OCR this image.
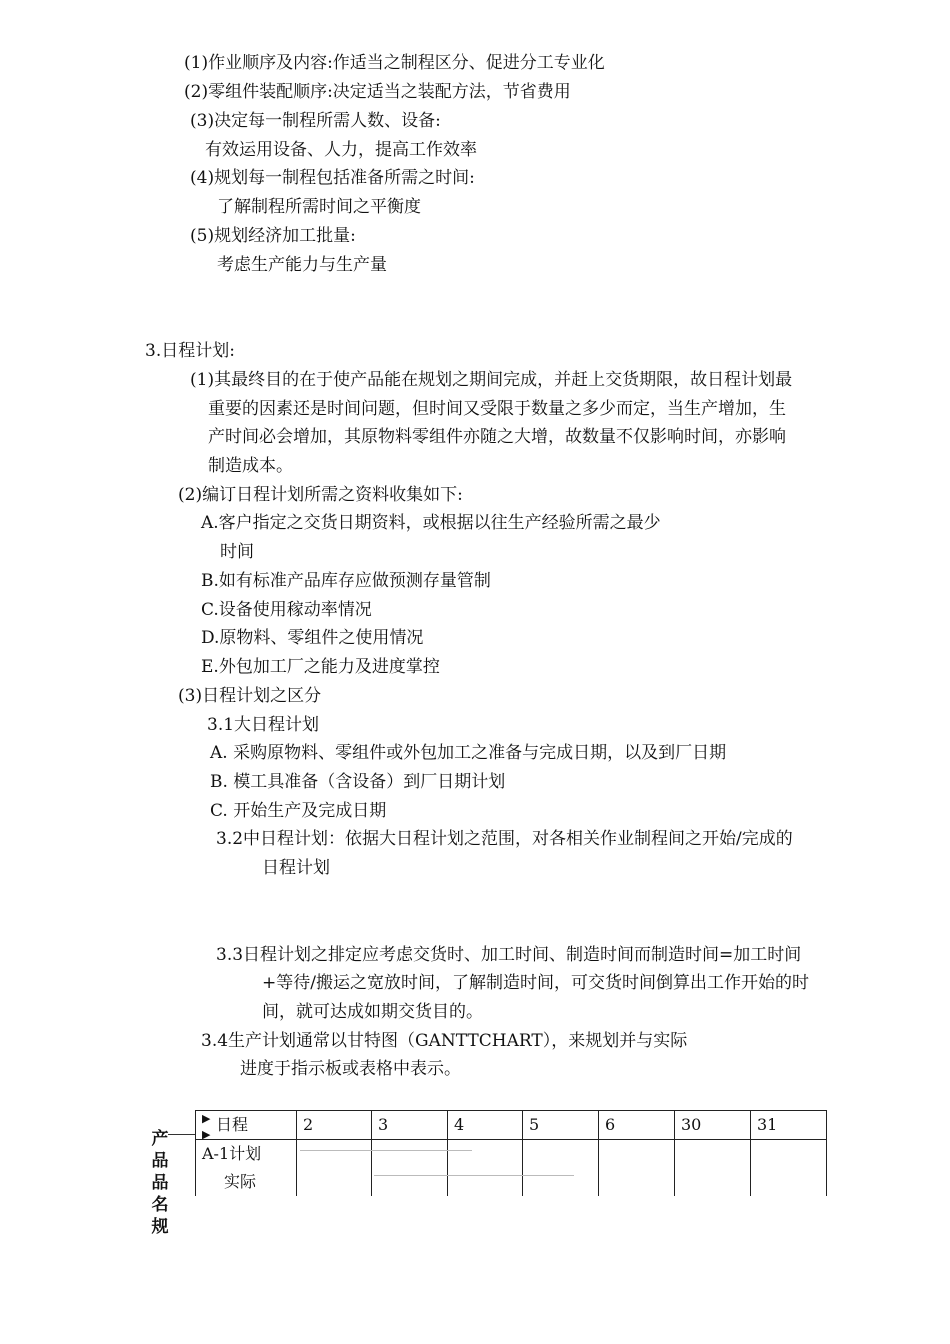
(1)作业顺序及内容:作适当之制程区分、促进分工专业化
(2)零组件装配顺序:决定适当之装配方法，节省费用
(3)决定每一制程所需人数、设备:
有效运用设备、人力，提高工作效率
(4)规划每一制程包括准备所需之时间:
了解制程所需时间之平衡度
(5)规划经济加工批量:
考虑生产能力与生产量
3.日程计划:
(1)其最终目的在于使产品能在规划之期间完成，并赶上交货期限，故日程计划最
重要的因素还是时间问题，但时间又受限于数量之多少而定，当生产增加，生
产时间必会增加，其原物料零组件亦随之大增，故数量不仅影响时间，亦影响
制造成本。
(2)编订日程计划所需之资料收集如下:
A.客户指定之交货日期资料，或根据以往生产经验所需之最少
时间
B.如有标准产品库存应做预测存量管制
C.设备使用稼动率情况
D.原物料、零组件之使用情况
E.外包加工厂之能力及进度掌控
(3)日程计划之区分
3.1大日程计划
A. 采购原物料、零组件或外包加工之准备与完成日期，以及到厂日期
B. 模工具准备（含设备）到厂日期计划
C. 开始生产及完成日期
3.2中日程计划：依据大日程计划之范围，对各相关作业制程间之开始/完成的
日程计划
3.3日程计划之排定应考虑交货时、加工时间、制造时间而制造时间=加工时间
+等待/搬运之宽放时间，了解制造时间，可交货时间倒算出工作开始的时
间，就可达成如期交货目的。
3.4生产计划通常以甘特图（GANTTCHART），来规划并与实际
进度于指示板或表格中表示。
产
品
品
名
规
▶
▶
日程	2	3	4	5	6	30	31

A-1计划
实际							
